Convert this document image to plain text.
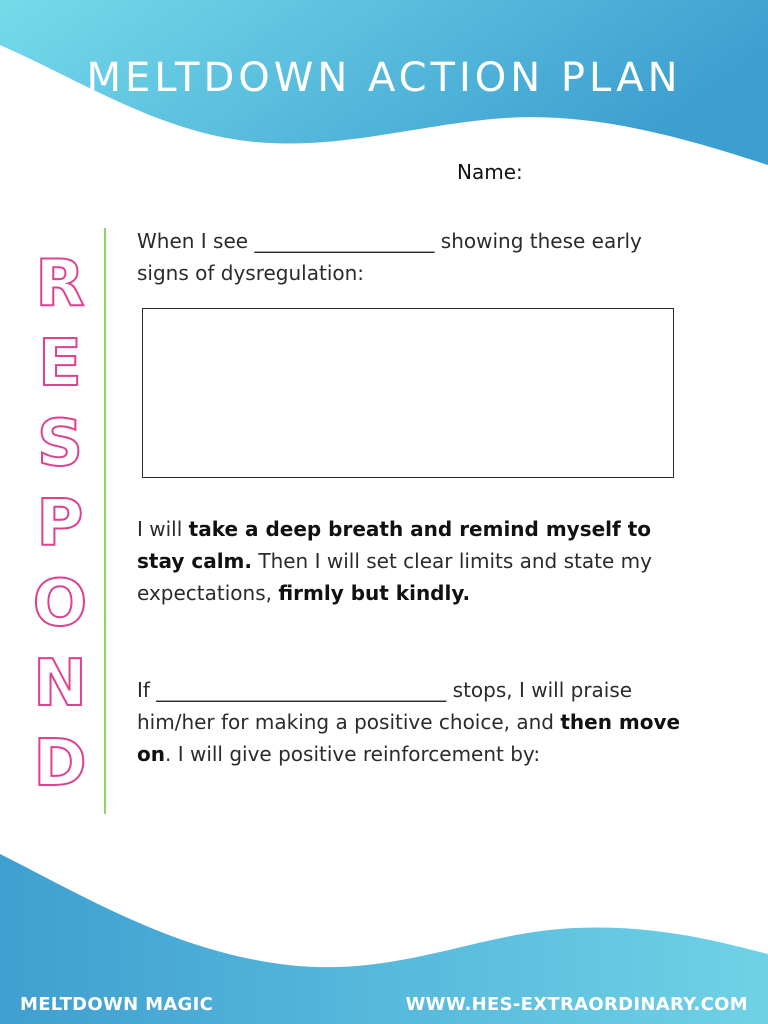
MELTDOWN ACTION PLAN
Name:
R
E
S
P
O
N
D

When I see __________________ showing these early signs of dysregulation:

I will take a deep breath and remind myself to stay calm. Then I will set clear limits and state my expectations, firmly but kindly.

If _____________________________ stops, I will praise him/her for making a positive choice, and then move on. I will give positive reinforcement by:

MELTDOWN MAGIC	WWW.HES-EXTRAORDINARY.COM
